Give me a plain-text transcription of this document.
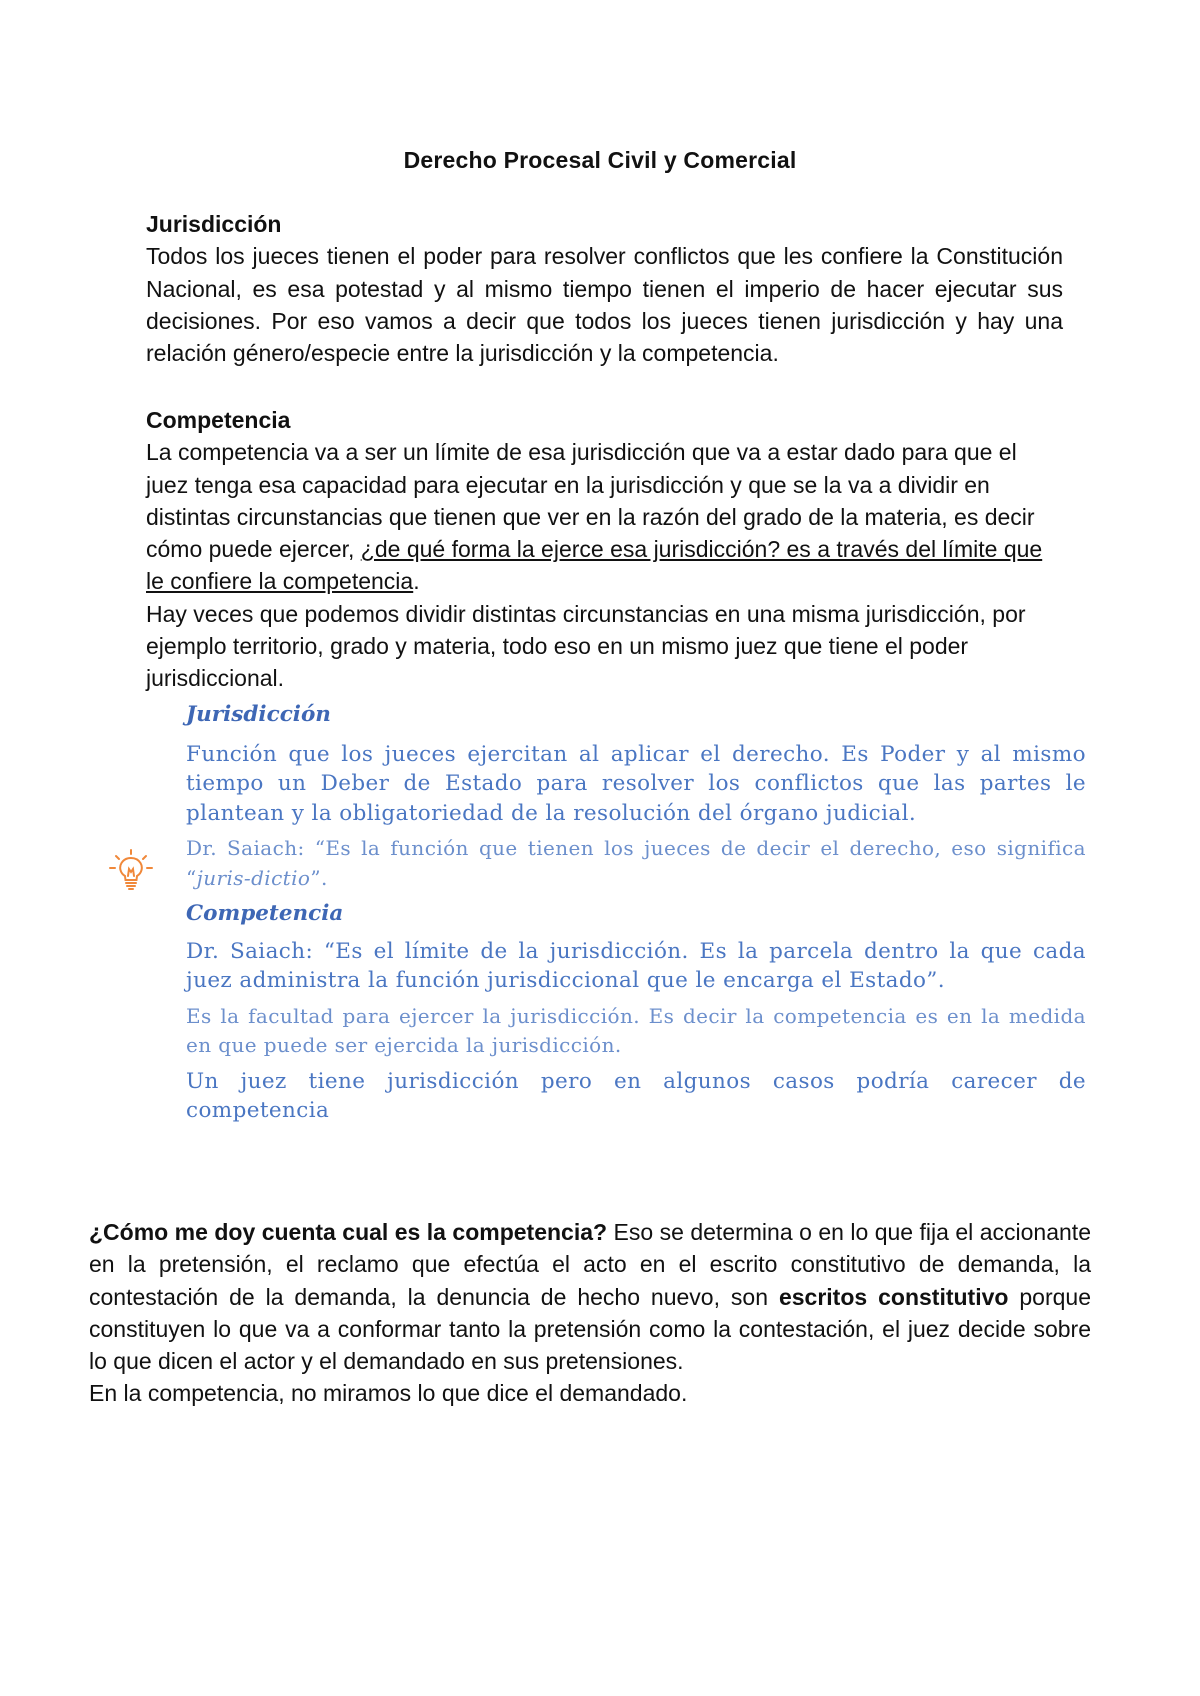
Derecho Procesal Civil y Comercial
Jurisdicción
Todos los jueces tienen el poder para resolver conflictos que les confiere la Constitución Nacional, es esa potestad y al mismo tiempo tienen el imperio de hacer ejecutar sus decisiones. Por eso vamos a decir que todos los jueces tienen jurisdicción y hay una relación género/especie entre la jurisdicción y la competencia.
Competencia
La competencia va a ser un límite de esa jurisdicción que va a estar dado para que el juez tenga esa capacidad para ejecutar en la jurisdicción y que se la va a dividir en distintas circunstancias que tienen que ver en la razón del grado de la materia, es decir cómo puede ejercer, ¿de qué forma la ejerce esa jurisdicción? es a través del límite que le confiere la competencia.
Hay veces que podemos dividir distintas circunstancias en una misma jurisdicción, por ejemplo territorio, grado y materia, todo eso en un mismo juez que tiene el poder jurisdiccional.
Jurisdicción

Función que los jueces ejercitan al aplicar el derecho. Es Poder y al mismo tiempo un Deber de Estado para resolver los conflictos que las partes le plantean y la obligatoriedad de la resolución del órgano judicial.

Dr. Saiach: “Es la función que tienen los jueces de decir el derecho, eso significa “juris-dictio”.

Competencia

Dr. Saiach: “Es el límite de la jurisdicción. Es la parcela dentro la que cada juez administra la función jurisdiccional que le encarga el Estado”.

Es la facultad para ejercer la jurisdicción. Es decir la competencia es en la medida en que puede ser ejercida la jurisdicción.

Un juez tiene jurisdicción pero en algunos casos podría carecer de competencia

¿Cómo me doy cuenta cual es la competencia? Eso se determina o en lo que fija el accionante en la pretensión, el reclamo que efectúa el acto en el escrito constitutivo de demanda, la contestación de la demanda, la denuncia de hecho nuevo, son escritos constitutivo porque constituyen lo que va a conformar tanto la pretensión como la contestación, el juez decide sobre lo que dicen el actor y el demandado en sus pretensiones.
En la competencia, no miramos lo que dice el demandado.
